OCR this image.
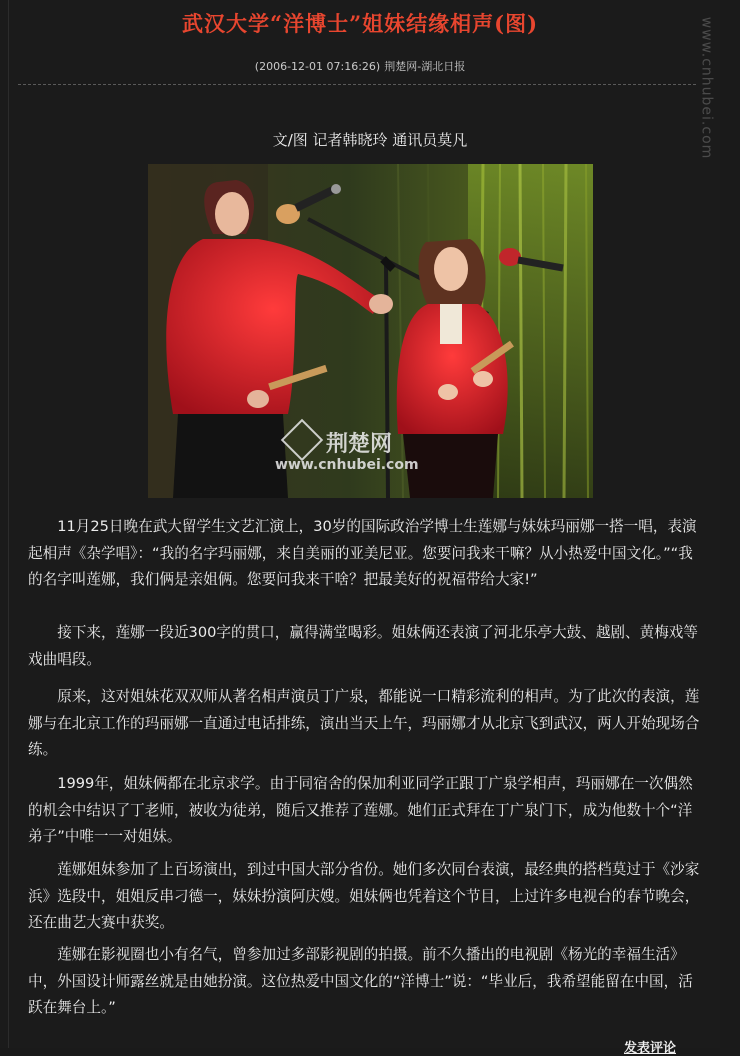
武汉大学“洋博士”姐妹结缘相声(图)
(2006-12-01 07:16:26) 荆楚网-湖北日报	www.cnhubei.com
文/图 记者韩晓玲 通讯员莫凡
荆楚网
www.cnhubei.com

11月25日晚在武大留学生文艺汇演上，30岁的国际政治学博士生莲娜与妹妹玛丽娜一搭一唱，表演起相声《杂学唱》：“我的名字玛丽娜，来自美丽的亚美尼亚。您要问我来干嘛？从小热爱中国文化。”“我的名字叫莲娜，我们俩是亲姐俩。您要问我来干啥？把最美好的祝福带给大家!”

接下来，莲娜一段近300字的贯口，赢得满堂喝彩。姐妹俩还表演了河北乐亭大鼓、越剧、黄梅戏等戏曲唱段。

原来，这对姐妹花双双师从著名相声演员丁广泉，都能说一口精彩流利的相声。为了此次的表演，莲娜与在北京工作的玛丽娜一直通过电话排练，演出当天上午，玛丽娜才从北京飞到武汉，两人开始现场合练。

1999年，姐妹俩都在北京求学。由于同宿舍的保加利亚同学正跟丁广泉学相声，玛丽娜在一次偶然的机会中结识了丁老师，被收为徒弟，随后又推荐了莲娜。她们正式拜在丁广泉门下，成为他数十个“洋弟子”中唯一一对姐妹。

莲娜姐妹参加了上百场演出，到过中国大部分省份。她们多次同台表演，最经典的搭档莫过于《沙家浜》选段中，姐姐反串刁德一，妹妹扮演阿庆嫂。姐妹俩也凭着这个节目，上过许多电视台的春节晚会，还在曲艺大赛中获奖。

莲娜在影视圈也小有名气，曾参加过多部影视剧的拍摄。前不久播出的电视剧《杨光的幸福生活》中，外国设计师露丝就是由她扮演。这位热爱中国文化的“洋博士”说：“毕业后，我希望能留在中国，活跃在舞台上。”

发表评论
